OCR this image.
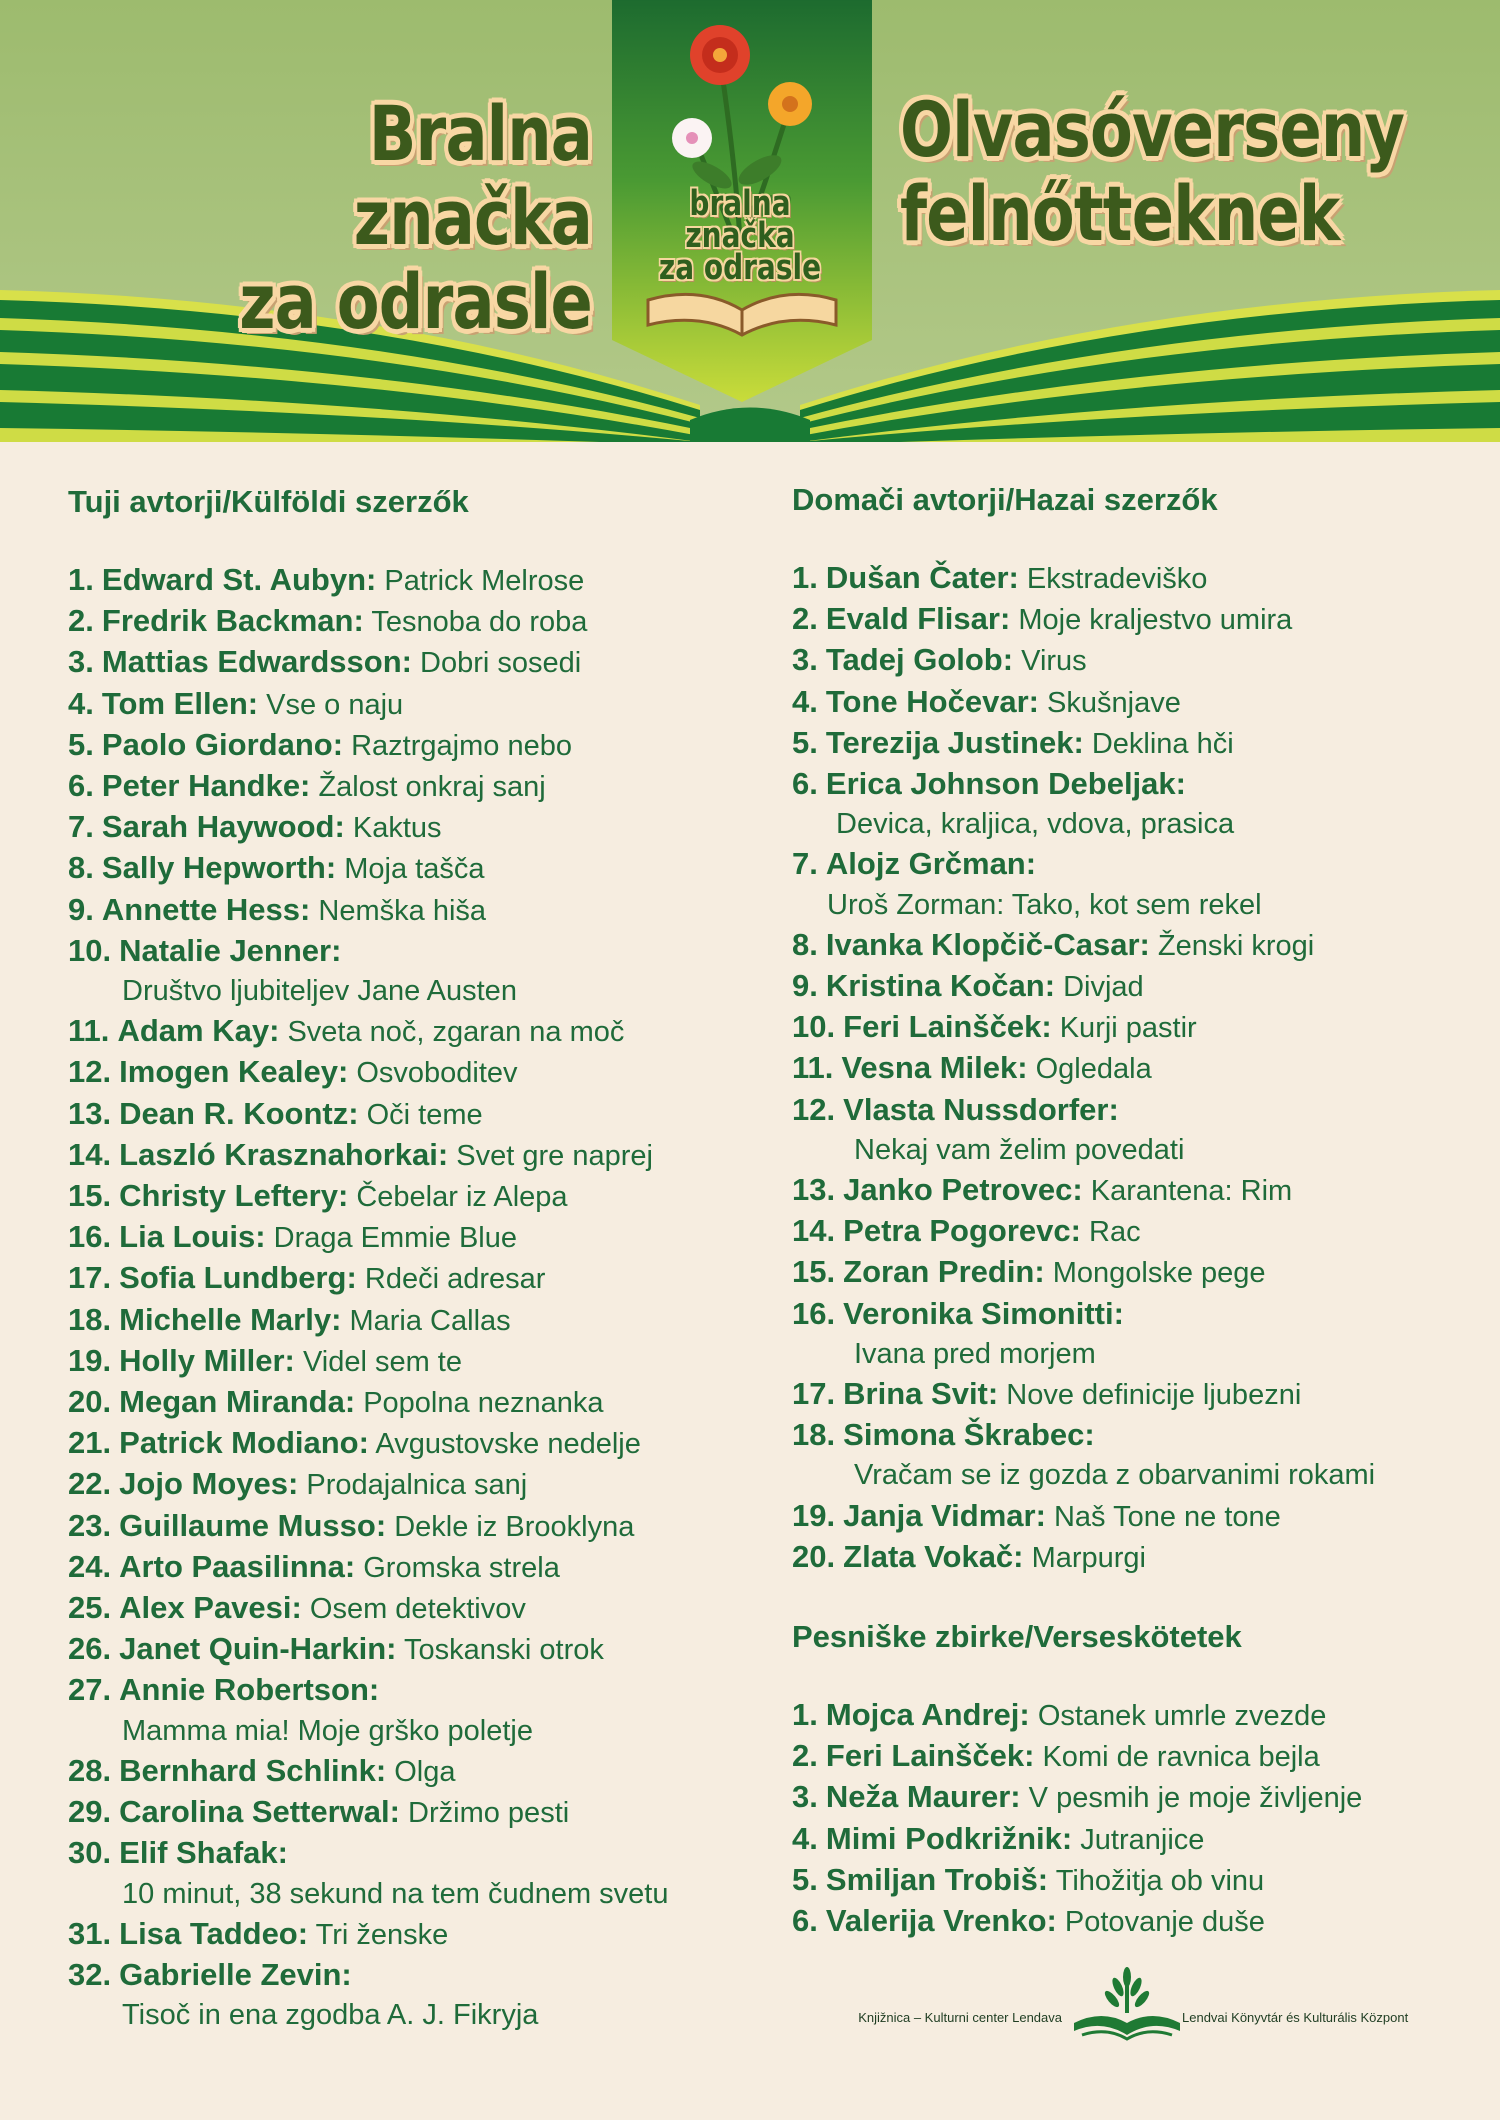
Bralna značka
za odrasle
Olvasóverseny
felnőtteknek
bralna
značka
za odrasle
Tuji avtorji/Külföldi szerzők
1. Edward St. Aubyn: Patrick Melrose
2. Fredrik Backman: Tesnoba do roba
3. Mattias Edwardsson: Dobri sosedi
4. Tom Ellen: Vse o naju
5. Paolo Giordano: Raztrgajmo nebo
6. Peter Handke: Žalost onkraj sanj
7. Sarah Haywood: Kaktus
8. Sally Hepworth: Moja tašča
9. Annette Hess: Nemška hiša
10. Natalie Jenner:
Društvo ljubiteljev Jane Austen
11. Adam Kay: Sveta noč, zgaran na moč
12. Imogen Kealey: Osvoboditev
13. Dean R. Koontz: Oči teme
14. Laszló Krasznahorkai: Svet gre naprej
15. Christy Leftery: Čebelar iz Alepa
16. Lia Louis: Draga Emmie Blue
17. Sofia Lundberg: Rdeči adresar
18. Michelle Marly: Maria Callas
19. Holly Miller: Videl sem te
20. Megan Miranda: Popolna neznanka
21. Patrick Modiano: Avgustovske nedelje
22. Jojo Moyes: Prodajalnica sanj
23. Guillaume Musso: Dekle iz Brooklyna
24. Arto Paasilinna: Gromska strela
25. Alex Pavesi: Osem detektivov
26. Janet Quin-Harkin: Toskanski otrok
27. Annie Robertson:
Mamma mia! Moje grško poletje
28. Bernhard Schlink: Olga
29. Carolina Setterwal: Držimo pesti
30. Elif Shafak:
10 minut, 38 sekund na tem čudnem svetu
31. Lisa Taddeo: Tri ženske
32. Gabrielle Zevin:
Tisoč in ena zgodba A. J. Fikryja
Domači avtorji/Hazai szerzők
1. Dušan Čater: Ekstradeviško
2. Evald Flisar: Moje kraljestvo umira
3. Tadej Golob: Virus
4. Tone Hočevar: Skušnjave
5. Terezija Justinek: Deklina hči
6. Erica Johnson Debeljak:
Devica, kraljica, vdova, prasica
7. Alojz Grčman:
Uroš Zorman: Tako, kot sem rekel
8. Ivanka Klopčič-Casar: Ženski krogi
9. Kristina Kočan: Divjad
10. Feri Lainšček: Kurji pastir
11. Vesna Milek: Ogledala
12. Vlasta Nussdorfer:
Nekaj vam želim povedati
13. Janko Petrovec: Karantena: Rim
14. Petra Pogorevc: Rac
15. Zoran Predin: Mongolske pege
16. Veronika Simonitti:
Ivana pred morjem
17. Brina Svit: Nove definicije ljubezni
18. Simona Škrabec:
Vračam se iz gozda z obarvanimi rokami
19. Janja Vidmar: Naš Tone ne tone
20. Zlata Vokač: Marpurgi
Pesniške zbirke/Verseskötetek
1. Mojca Andrej: Ostanek umrle zvezde
2. Feri Lainšček: Komi de ravnica bejla
3. Neža Maurer: V pesmih je moje življenje
4. Mimi Podkrižnik: Jutranjice
5. Smiljan Trobiš: Tihožitja ob vinu
6. Valerija Vrenko: Potovanje duše
Knjižnica – Kulturni center Lendava	Lendvai Könyvtár és Kulturális Központ
